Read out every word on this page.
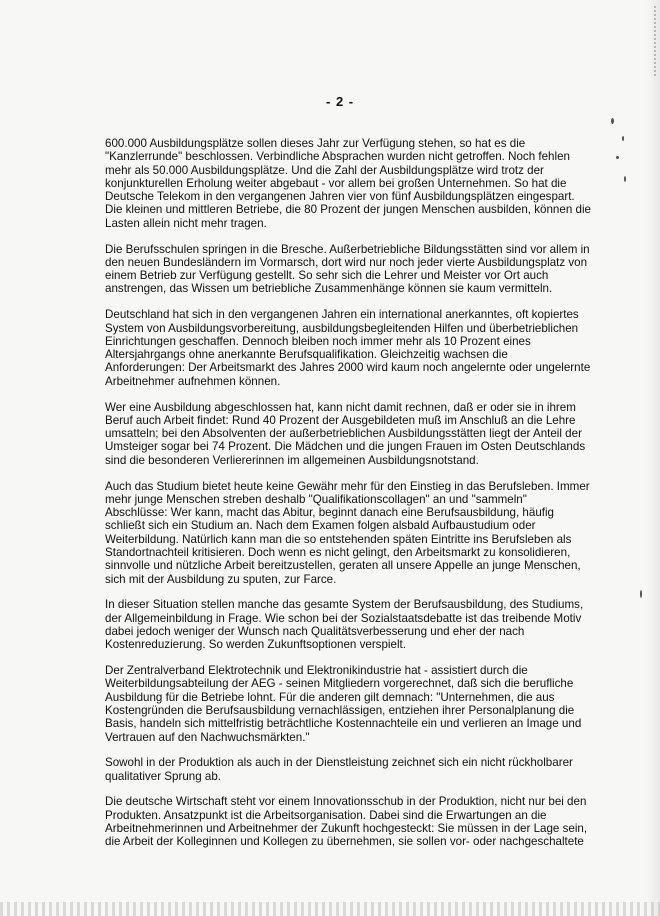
- 2 -

600.000 Ausbildungsplätze sollen dieses Jahr zur Verfügung stehen, so hat es die
"Kanzlerrunde" beschlossen. Verbindliche Absprachen wurden nicht getroffen. Noch fehlen
mehr als 50.000 Ausbildungsplätze. Und die Zahl der Ausbildungsplätze wird trotz der
konjunkturellen Erholung weiter abgebaut - vor allem bei großen Unternehmen. So hat die
Deutsche Telekom in den vergangenen Jahren vier von fünf Ausbildungsplätzen eingespart.
Die kleinen und mittleren Betriebe, die 80 Prozent der jungen Menschen ausbilden, können die
Lasten allein nicht mehr tragen.

Die Berufsschulen springen in die Bresche. Außerbetriebliche Bildungsstätten sind vor allem in
den neuen Bundesländern im Vormarsch, dort wird nur noch jeder vierte Ausbildungsplatz von
einem Betrieb zur Verfügung gestellt. So sehr sich die Lehrer und Meister vor Ort auch
anstrengen, das Wissen um betriebliche Zusammenhänge können sie kaum vermitteln.

Deutschland hat sich in den vergangenen Jahren ein international anerkanntes, oft kopiertes
System von Ausbildungsvorbereitung, ausbildungsbegleitenden Hilfen und überbetrieblichen
Einrichtungen geschaffen. Dennoch bleiben noch immer mehr als 10 Prozent eines
Altersjahrgangs ohne anerkannte Berufsqualifikation. Gleichzeitig wachsen die
Anforderungen: Der Arbeitsmarkt des Jahres 2000 wird kaum noch angelernte oder ungelernte
Arbeitnehmer aufnehmen können.

Wer eine Ausbildung abgeschlossen hat, kann nicht damit rechnen, daß er oder sie in ihrem
Beruf auch Arbeit findet: Rund 40 Prozent der Ausgebildeten muß im Anschluß an die Lehre
umsatteln; bei den Absolventen der außerbetrieblichen Ausbildungsstätten liegt der Anteil der
Umsteiger sogar bei 74 Prozent. Die Mädchen und die jungen Frauen im Osten Deutschlands
sind die besonderen Verliererinnen im allgemeinen Ausbildungsnotstand.

Auch das Studium bietet heute keine Gewähr mehr für den Einstieg in das Berufsleben. Immer
mehr junge Menschen streben deshalb "Qualifikationscollagen" an und "sammeln"
Abschlüsse: Wer kann, macht das Abitur, beginnt danach eine Berufsausbildung, häufig
schließt sich ein Studium an. Nach dem Examen folgen alsbald Aufbaustudium oder
Weiterbildung. Natürlich kann man die so entstehenden späten Eintritte ins Berufsleben als
Standortnachteil kritisieren. Doch wenn es nicht gelingt, den Arbeitsmarkt zu konsolidieren,
sinnvolle und nützliche Arbeit bereitzustellen, geraten all unsere Appelle an junge Menschen,
sich mit der Ausbildung zu sputen, zur Farce.

In dieser Situation stellen manche das gesamte System der Berufsausbildung, des Studiums,
der Allgemeinbildung in Frage. Wie schon bei der Sozialstaatsdebatte ist das treibende Motiv
dabei jedoch weniger der Wunsch nach Qualitätsverbesserung und eher der nach
Kostenreduzierung. So werden Zukunftsoptionen verspielt.

Der Zentralverband Elektrotechnik und Elektronikindustrie hat - assistiert durch die
Weiterbildungsabteilung der AEG - seinen Mitgliedern vorgerechnet, daß sich die berufliche
Ausbildung für die Betriebe lohnt. Für die anderen gilt demnach: "Unternehmen, die aus
Kostengründen die Berufsausbildung vernachlässigen, entziehen ihrer Personalplanung die
Basis, handeln sich mittelfristig beträchtliche Kostennachteile ein und verlieren an Image und
Vertrauen auf den Nachwuchsmärkten."

Sowohl in der Produktion als auch in der Dienstleistung zeichnet sich ein nicht rückholbarer
qualitativer Sprung ab.

Die deutsche Wirtschaft steht vor einem Innovationsschub in der Produktion, nicht nur bei den
Produkten. Ansatzpunkt ist die Arbeitsorganisation. Dabei sind die Erwartungen an die
Arbeitnehmerinnen und Arbeitnehmer der Zukunft hochgesteckt: Sie müssen in der Lage sein,
die Arbeit der Kolleginnen und Kollegen zu übernehmen, sie sollen vor- oder nachgeschaltete
